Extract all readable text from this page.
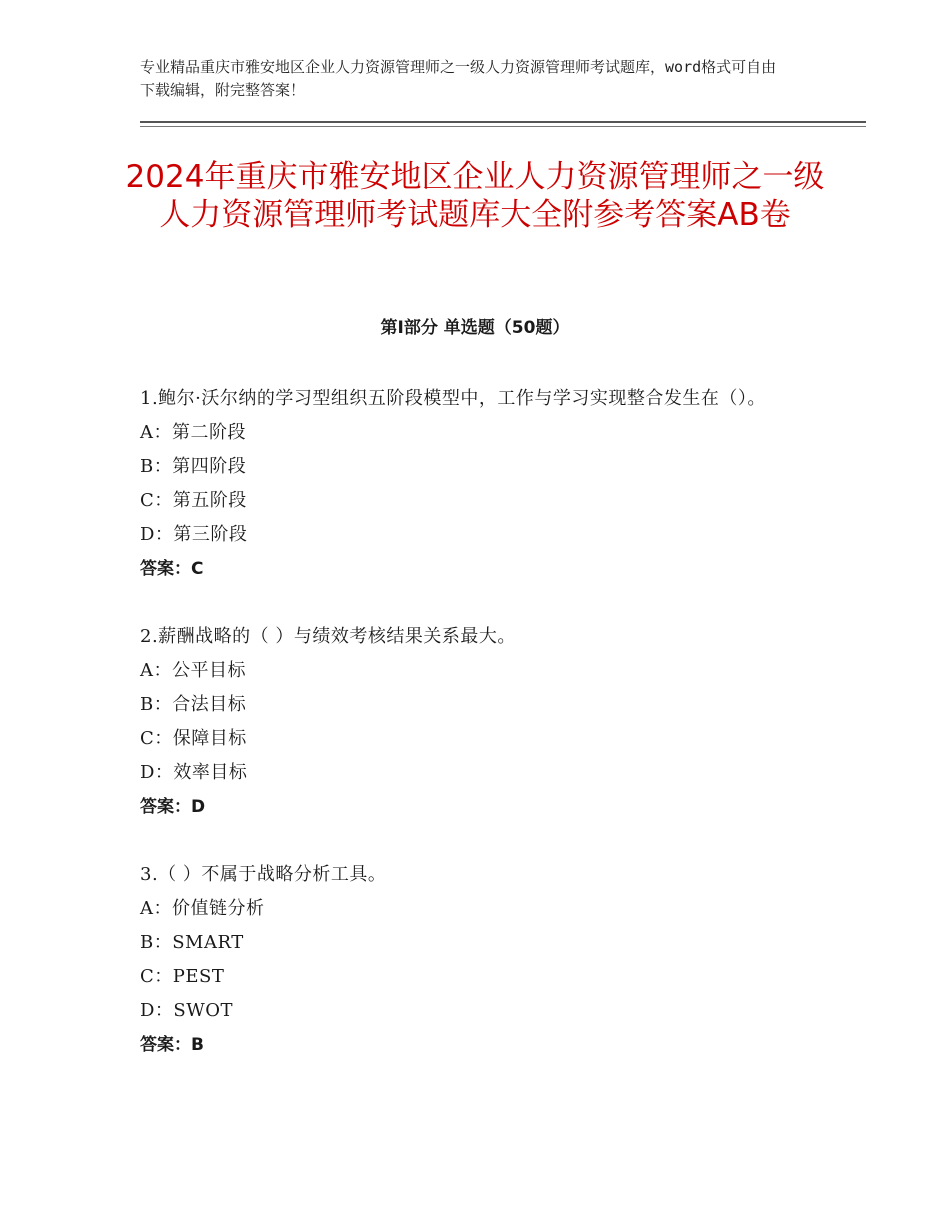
专业精品重庆市雅安地区企业人力资源管理师之一级人力资源管理师考试题库，word格式可自由下载编辑，附完整答案！
2024年重庆市雅安地区企业人力资源管理师之一级人力资源管理师考试题库大全附参考答案AB卷
第Ⅰ部分 单选题（50题）
1.鲍尔·沃尔纳的学习型组织五阶段模型中，工作与学习实现整合发生在（）。
A：第二阶段
B：第四阶段
C：第五阶段
D：第三阶段
答案：C
2.薪酬战略的（ ）与绩效考核结果关系最大。
A：公平目标
B：合法目标
C：保障目标
D：效率目标
答案：D
3.（ ）不属于战略分析工具。
A：价值链分析
B：SMART
C：PEST
D：SWOT
答案：B
